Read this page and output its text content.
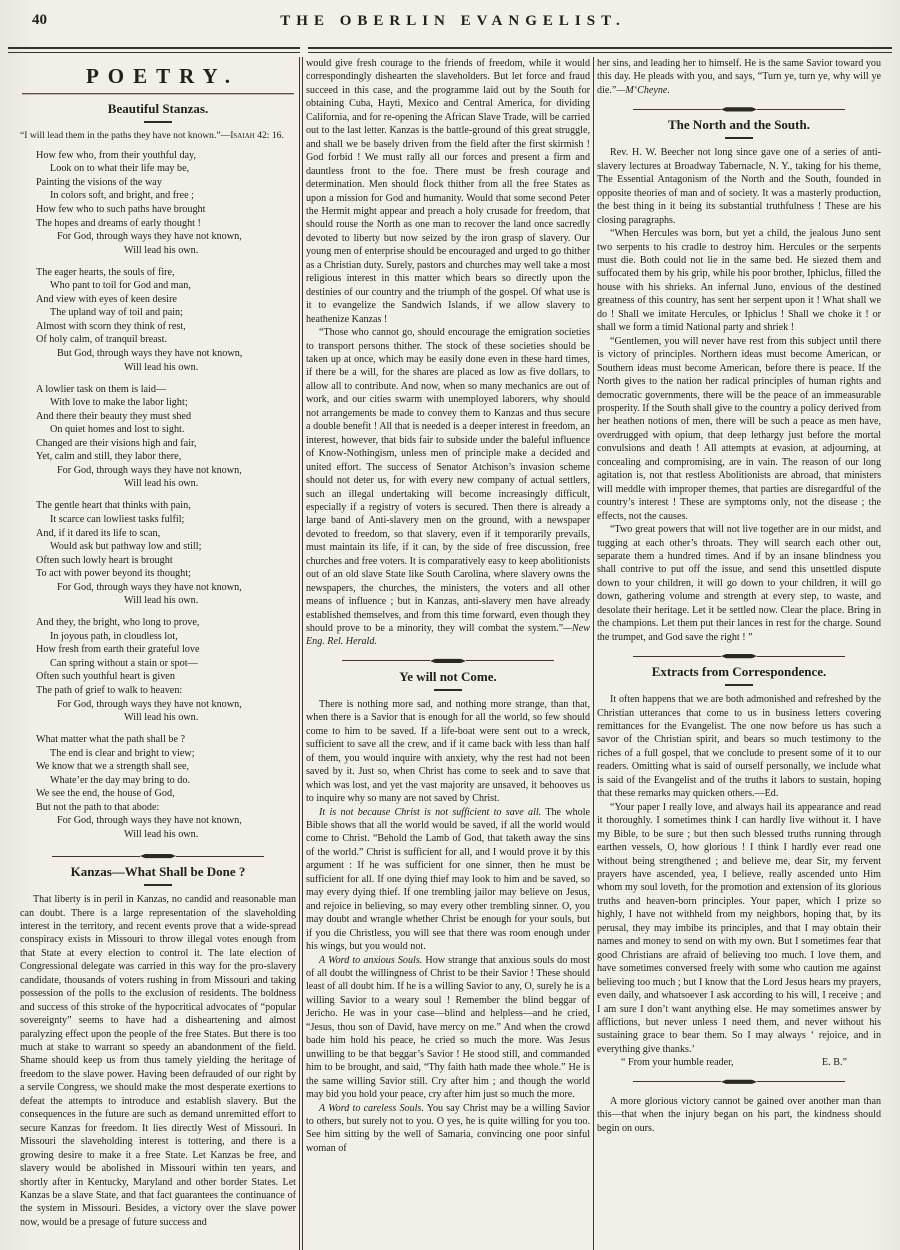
40	THE OBERLIN EVANGELIST.
POETRY.
Beautiful Stanzas.

“I will lead them in the paths they have not known.”—Isaiah 42: 16.

How few who, from their youthful day,
Look on to what their life may be,
Painting the visions of the way
In colors soft, and bright, and free ;
How few who to such paths have brought
The hopes and dreams of early thought !
For God, through ways they have not known,
Will lead his own.
The eager hearts, the souls of fire,
Who pant to toil for God and man,
And view with eyes of keen desire
The upland way of toil and pain;
Almost with scorn they think of rest,
Of holy calm, of tranquil breast.
But God, through ways they have not known,
Will lead his own.
A lowlier task on them is laid—
With love to make the labor light;
And there their beauty they must shed
On quiet homes and lost to sight.
Changed are their visions high and fair,
Yet, calm and still, they labor there,
For God, through ways they have not known,
Will lead his own.
The gentle heart that thinks with pain,
It scarce can lowliest tasks fulfil;
And, if it dared its life to scan,
Would ask but pathway low and still;
Often such lowly heart is brought
To act with power beyond its thought;
For God, through ways they have not known,
Will lead his own.
And they, the bright, who long to prove,
In joyous path, in cloudless lot,
How fresh from earth their grateful love
Can spring without a stain or spot—
Often such youthful heart is given
The path of grief to walk to heaven:
For God, through ways they have not known,
Will lead his own.
What matter what the path shall be ?
The end is clear and bright to view;
We know that we a strength shall see,
Whate’er the day may bring to do.
We see the end, the house of God,
But not the path to that abode:
For God, through ways they have not known,
Will lead his own.
Kanzas—What Shall be Done ?

That liberty is in peril in Kanzas, no candid and reasonable man can doubt. There is a large representation of the slaveholding interest in the territory, and recent events prove that a wide-spread conspiracy exists in Missouri to throw illegal votes enough from that State at every election to control it. The late election of Congressional delegate was carried in this way for the pro-slavery candidate, thousands of voters rushing in from Missouri and taking possession of the polls to the exclusion of residents. The boldness and success of this stroke of the hypocritical advocates of “popular sovereignty” seems to have had a disheartening and almost paralyzing effect upon the people of the free States. But there is too much at stake to warrant so speedy an abandonment of the field. Shame should keep us from thus tamely yielding the heritage of freedom to the slave power. Having been defrauded of our right by a servile Congress, we should make the most desperate exertions to defeat the attempts to introduce and establish slavery. But the consequences in the future are such as demand unremitted effort to secure Kanzas for freedom. It lies directly West of Missouri. In Missouri the slaveholding interest is tottering, and there is a growing desire to make it a free State. Let Kanzas be free, and slavery would be abolished in Missouri within ten years, and shortly after in Kentucky, Maryland and other border States. Let Kanzas be a slave State, and that fact guarantees the continuance of the system in Missouri. Besides, a victory over the slave power now, would be a presage of future success and

would give fresh courage to the friends of freedom, while it would correspondingly dishearten the slaveholders. But let force and fraud succeed in this case, and the programme laid out by the South for obtaining Cuba, Hayti, Mexico and Central America, for dividing California, and for re-opening the African Slave Trade, will be carried out to the last letter. Kanzas is the battle-ground of this great struggle, and shall we be basely driven from the field after the first skirmish ! God forbid ! We must rally all our forces and present a firm and dauntless front to the foe. There must be fresh courage and determination. Men should flock thither from all the free States as upon a mission for God and humanity. Would that some second Peter the Hermit might appear and preach a holy crusade for freedom, that should rouse the North as one man to recover the land once sacredly devoted to liberty but now seized by the iron grasp of slavery. Our young men of enterprise should be encouraged and urged to go thither as a Christian duty. Surely, pastors and churches may well take a most religious interest in this matter which bears so directly upon the destinies of our country and the triumph of the gospel. Of what use is it to evangelize the Sandwich Islands, if we allow slavery to heathenize Kanzas !

“Those who cannot go, should encourage the emigration societies to transport persons thither. The stock of these societies should be taken up at once, which may be easily done even in these hard times, if there be a will, for the shares are placed as low as five dollars, to allow all to contribute. And now, when so many mechanics are out of work, and our cities swarm with unemployed laborers, why should not arrangements be made to convey them to Kanzas and thus secure a double benefit ! All that is needed is a deeper interest in freedom, an interest, however, that bids fair to subside under the baleful influence of Know-Nothingism, unless men of principle make a decided and united effort. The success of Senator Atchison’s invasion scheme should not deter us, for with every new company of actual settlers, such an illegal undertaking will become increasingly difficult, especially if a registry of voters is secured. Then there is already a large band of Anti-slavery men on the ground, with a newspaper devoted to freedom, so that slavery, even if it temporarily prevails, must maintain its life, if it can, by the side of free discussion, free churches and free voters. It is comparatively easy to keep abolitionists out of an old slave State like South Carolina, where slavery owns the newspapers, the churches, the ministers, the voters and all other means of influence ; but in Kanzas, anti-slavery men have already established themselves, and from this time forward, even though they should prove to be a minority, they will combat the system.”—New Eng. Rel. Herald.

Ye will not Come.

There is nothing more sad, and nothing more strange, than that, when there is a Savior that is enough for all the world, so few should come to him to be saved. If a life-boat were sent out to a wreck, sufficient to save all the crew, and if it came back with less than half of them, you would inquire with anxiety, why the rest had not been saved by it. Just so, when Christ has come to seek and to save that which was lost, and yet the vast majority are unsaved, it behooves us to inquire why so many are not saved by Christ.

It is not because Christ is not sufficient to save all. The whole Bible shows that all the world would be saved, if all the world would come to Christ. “Behold the Lamb of God, that taketh away the sins of the world.” Christ is sufficient for all, and I would prove it by this argument : If he was sufficient for one sinner, then he must be sufficient for all. If one dying thief may look to him and be saved, so may every dying thief. If one trembling jailor may believe on Jesus, and rejoice in believing, so may every other trembling sinner. O, you may doubt and wrangle whether Christ be enough for your souls, but if you die Christless, you will see that there was room enough under his wings, but you would not.

A Word to anxious Souls. How strange that anxious souls do most of all doubt the willingness of Christ to be their Savior ! These should least of all doubt him. If he is a willing Savior to any, O, surely he is a willing Savior to a weary soul ! Remember the blind beggar of Jericho. He was in your case—blind and helpless—and he cried, “Jesus, thou son of David, have mercy on me.” And when the crowd bade him hold his peace, he cried so much the more. Was Jesus unwilling to be that beggar’s Savior ! He stood still, and commanded him to be brought, and said, “Thy faith hath made thee whole.” He is the same willing Savior still. Cry after him ; and though the world may bid you hold your peace, cry after him just so much the more.

A Word to careless Souls. You say Christ may be a willing Savior to others, but surely not to you. O yes, he is quite willing for you too. See him sitting by the well of Samaria, convincing one poor sinful woman of

her sins, and leading her to himself. He is the same Savior toward you this day. He pleads with you, and says, “Turn ye, turn ye, why will ye die.”—M‘Cheyne.

The North and the South.

Rev. H. W. Beecher not long since gave one of a series of anti-slavery lectures at Broadway Tabernacle, N. Y., taking for his theme, The Essential Antagonism of the North and the South, founded in opposite theories of man and of society. It was a masterly production, the best thing in it being its substantial truthfulness ! These are his closing paragraphs.

“When Hercules was born, but yet a child, the jealous Juno sent two serpents to his cradle to destroy him. Hercules or the serpents must die. Both could not lie in the same bed. He siezed them and suffocated them by his grip, while his poor brother, Iphiclus, filled the house with his shrieks. An infernal Juno, envious of the destined greatness of this country, has sent her serpent upon it ! What shall we do ! Shall we imitate Hercules, or Iphiclus ! Shall we choke it ! or shall we form a timid National party and shriek !

“Gentlemen, you will never have rest from this subject until there is victory of principles. Northern ideas must become American, or Southern ideas must become American, before there is peace. If the North gives to the nation her radical principles of human rights and democratic governments, there will be the peace of an immeasurable prosperity. If the South shall give to the country a policy derived from her heathen notions of men, there will be such a peace as men have, overdrugged with opium, that deep lethargy just before the mortal convulsions and death ! All attempts at evasion, at adjourning, at concealing and compromising, are in vain. The reason of our long agitation is, not that restless Abolitionists are abroad, that ministers will meddle with improper themes, that parties are disregardful of the country’s interest ! These are symptoms only, not the disease ; the effects, not the causes.

“Two great powers that will not live together are in our midst, and tugging at each other’s throats. They will search each other out, separate them a hundred times. And if by an insane blindness you shall contrive to put off the issue, and send this unsettled dispute down to your children, it will go down to your children, it will go down, gathering volume and strength at every step, to waste, and desolate their heritage. Let it be settled now. Clear the place. Bring in the champions. Let them put their lances in rest for the charge. Sound the trumpet, and God save the right ! ”

Extracts from Correspondence.

It often happens that we are both admonished and refreshed by the Christian utterances that come to us in business letters covering remittances for the Evangelist. The one now before us has such a savor of the Christian spirit, and bears so much testimony to the riches of a full gospel, that we conclude to present some of it to our readers. Omitting what is said of ourself personally, we include what is said of the Evangelist and of the truths it labors to sustain, hoping that these remarks may quicken others.—Ed.

“Your paper I really love, and always hail its appearance and read it thoroughly. I sometimes think I can hardly live without it. I have my Bible, to be sure ; but then such blessed truths running through earthen vessels, O, how glorious ! I think I hardly ever read one without being strengthened ; and believe me, dear Sir, my fervent prayers have ascended, yea, I believe, really ascended unto Him whom my soul loveth, for the promotion and extension of its glorious truths and heaven-born principles. Your paper, which I prize so highly, I have not withheld from my neighbors, hoping that, by its perusal, they may imbibe its principles, and that I may obtain their names and money to send on with my own. But I sometimes fear that good Christians are afraid of believing too much. I love them, and have sometimes conversed freely with some who caution me against believing too much ; but I know that the Lord Jesus hears my prayers, even daily, and whatsoever I ask according to his will, I receive ; and I am sure I don’t want anything else. He may sometimes answer by afflictions, but never unless I need them, and never without his sustaining grace to bear them. So I may always ‘ rejoice, and in everything give thanks.’

“ From your humble reader,	E. B.”

A more glorious victory cannot be gained over another man than this—that when the injury began on his part, the kindness should begin on ours.
